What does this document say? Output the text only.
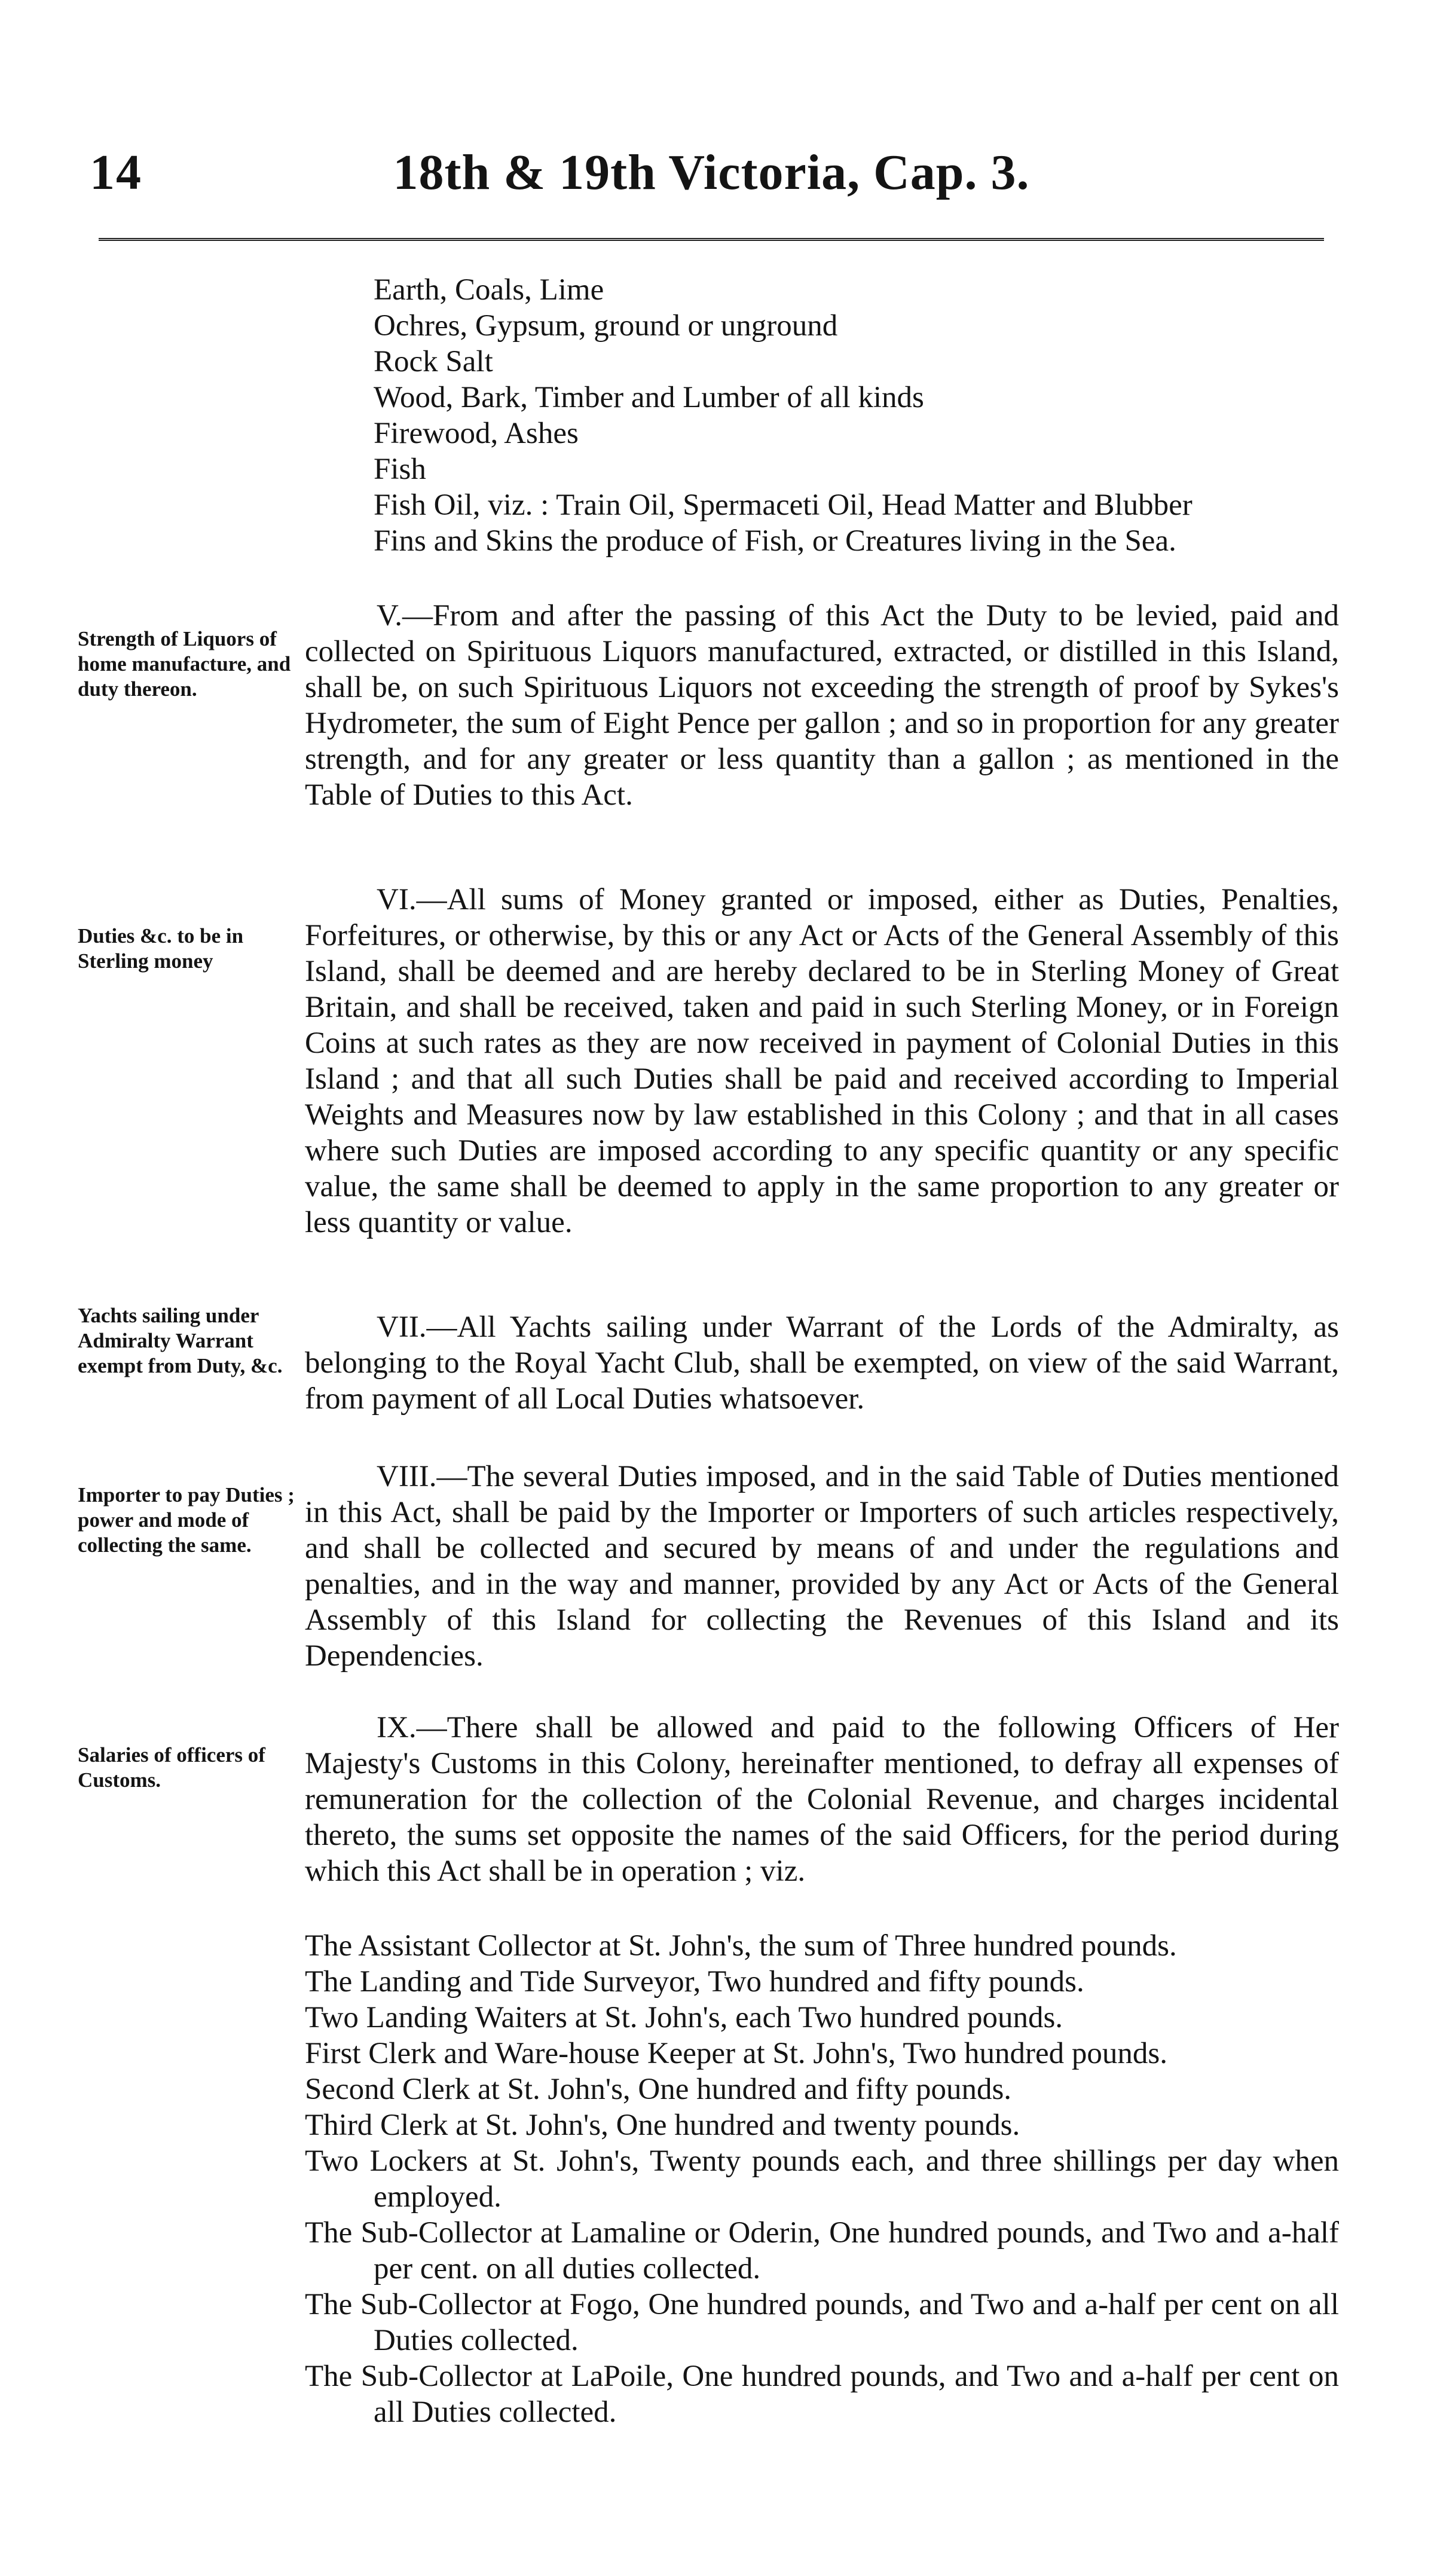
14	18th & 19th Victoria, Cap. 3.
Earth, Coals, Lime
Ochres, Gypsum, ground or unground
Rock Salt
Wood, Bark, Timber and Lumber of all kinds
Firewood, Ashes
Fish
Fish Oil, viz. : Train Oil, Spermaceti Oil, Head Matter and Blubber
Fins and Skins the produce of Fish, or Creatures living in the Sea.
Strength of Liquors of home manufacture, and duty thereon.

V.—From and after the passing of this Act the Duty to be levied, paid and collected on Spirituous Liquors manufactured, extracted, or distilled in this Island, shall be, on such Spirituous Liquors not exceeding the strength of proof by Sykes's Hydrometer, the sum of Eight Pence per gallon ; and so in proportion for any greater strength, and for any greater or less quantity than a gallon ; as mentioned in the Table of Duties to this Act.

Duties &c. to be in Sterling money

VI.—All sums of Money granted or imposed, either as Duties, Penalties, Forfeitures, or otherwise, by this or any Act or Acts of the General Assembly of this Island, shall be deemed and are hereby declared to be in Sterling Money of Great Britain, and shall be received, taken and paid in such Sterling Money, or in Foreign Coins at such rates as they are now received in payment of Colonial Duties in this Island ; and that all such Duties shall be paid and received according to Imperial Weights and Measures now by law established in this Colony ; and that in all cases where such Duties are imposed according to any specific quantity or any specific value, the same shall be deemed to apply in the same proportion to any greater or less quantity or value.

Yachts sailing under Admiralty Warrant exempt from Duty, &c.

VII.—All Yachts sailing under Warrant of the Lords of the Admiralty, as belonging to the Royal Yacht Club, shall be exempted, on view of the said Warrant, from payment of all Local Duties whatsoever.

Importer to pay Duties ; power and mode of collecting the same.

VIII.—The several Duties imposed, and in the said Table of Duties mentioned in this Act, shall be paid by the Importer or Importers of such articles respectively, and shall be collected and secured by means of and under the regulations and penalties, and in the way and manner, provided by any Act or Acts of the General Assembly of this Island for collecting the Revenues of this Island and its Dependencies.

Salaries of officers of Customs.

IX.—There shall be allowed and paid to the following Officers of Her Majesty's Customs in this Colony, hereinafter mentioned, to defray all expenses of remuneration for the collection of the Colonial Revenue, and charges incidental thereto, the sums set opposite the names of the said Officers, for the period during which this Act shall be in operation ; viz.

The Assistant Collector at St. John's, the sum of Three hundred pounds.
The Landing and Tide Surveyor, Two hundred and fifty pounds.
Two Landing Waiters at St. John's, each Two hundred pounds.
First Clerk and Ware-house Keeper at St. John's, Two hundred pounds.
Second Clerk at St. John's, One hundred and fifty pounds.
Third Clerk at St. John's, One hundred and twenty pounds.
Two Lockers at St. John's, Twenty pounds each, and three shillings per day when employed.
The Sub-Collector at Lamaline or Oderin, One hundred pounds, and Two and a-half per cent. on all duties collected.
The Sub-Collector at Fogo, One hundred pounds, and Two and a-half per cent on all Duties collected.
The Sub-Collector at LaPoile, One hundred pounds, and Two and a-half per cent on all Duties collected.
